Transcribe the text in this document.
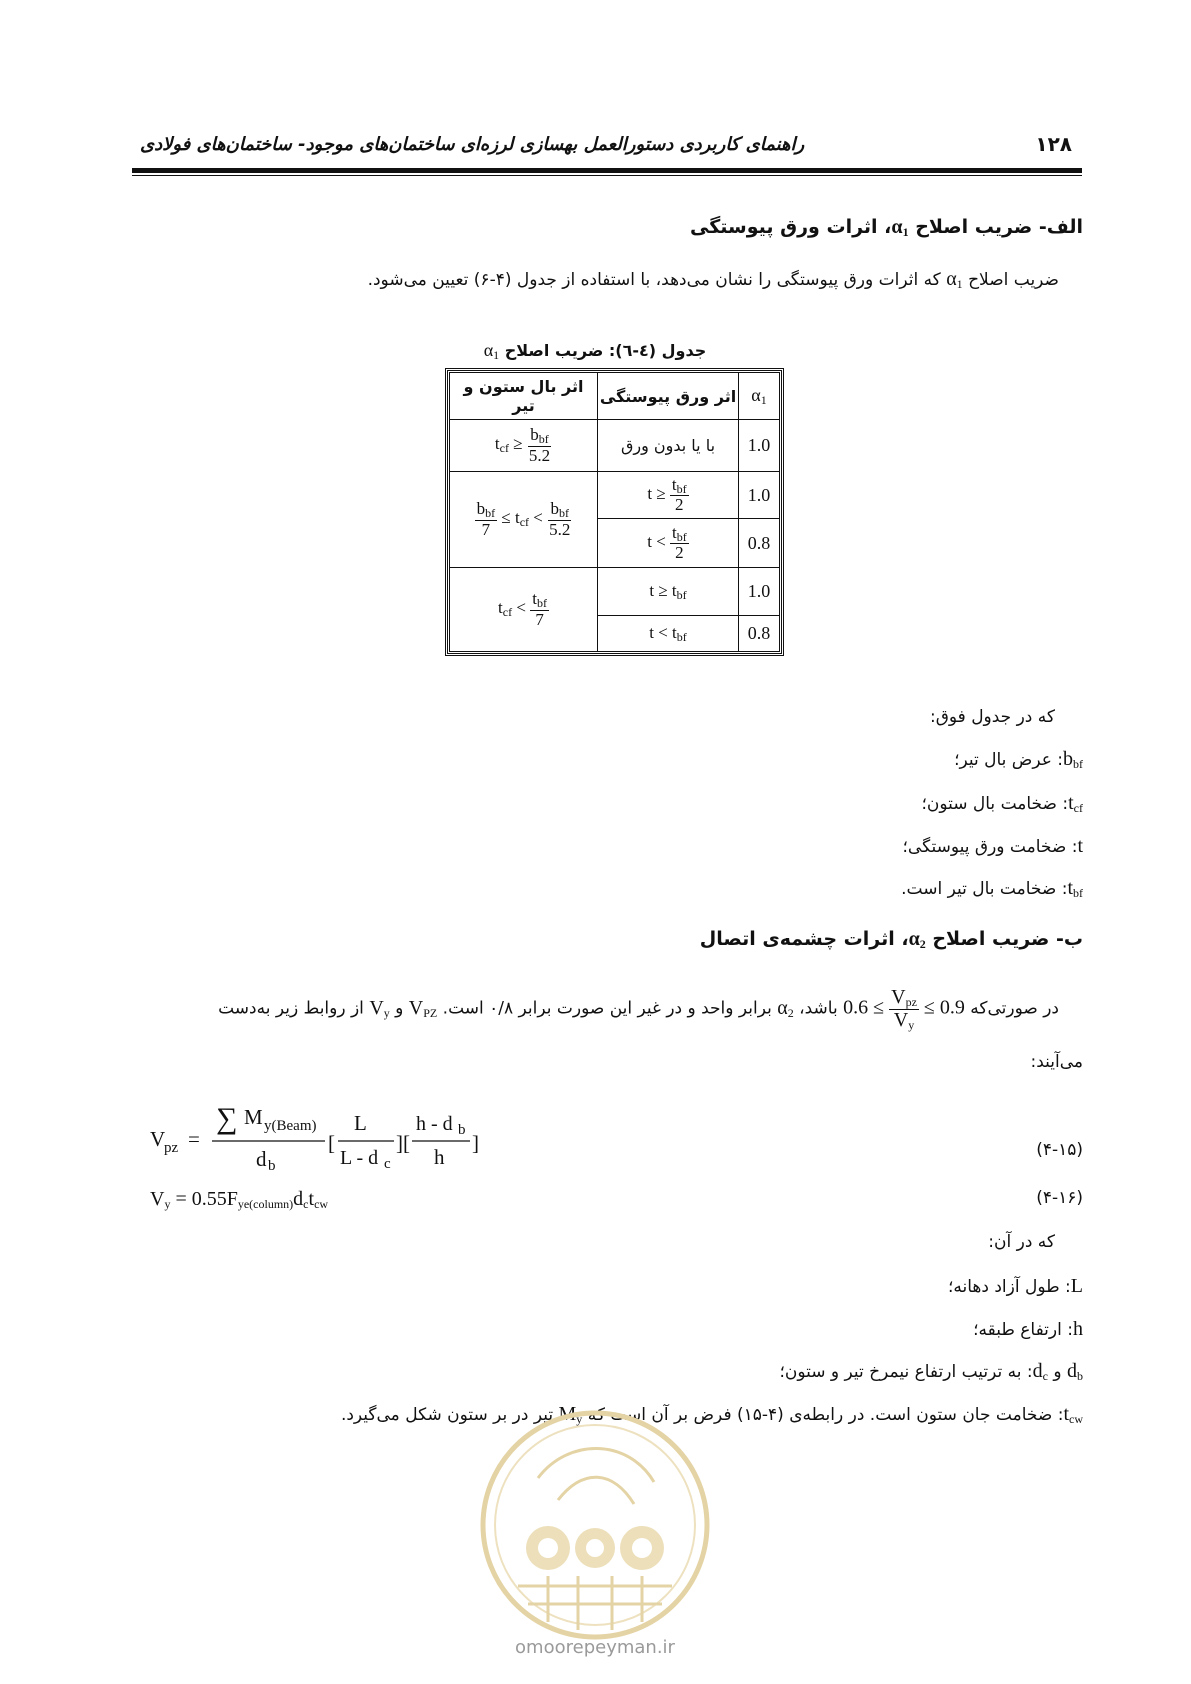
۱۲۸
راهنمای کاربردی دستورالعمل بهسازی لرزه‌ای ساختمان‌های موجود- ساختمان‌های فولادی
الف- ضریب اصلاح $\alpha_1،$ اثرات ورق پیوستگی
ضریب اصلاح $\alpha_1$ که اثرات ورق پیوستگی را نشان می‌دهد، با استفاده از جدول (۴-۶) تعیین می‌شود.
جدول (٤-٦): ضریب اصلاح $\alpha_1$
اثر بال ستون و تیر	اثر ورق پیوستگی	$\alpha_1$
$t_{cf} \ge \frac{b_{bf}}{5.2}$	با یا بدون ورق	1.0

$\frac{b_{bf}}{7} \le t_{cf} < \frac{b_{bf}}{5.2}$	$t \ge \frac{t_{bf}}{2}$	1.0
	$t < \frac{t_{bf}}{2}$	0.8
$t_{cf} < \frac{t_{bf}}{7}$	$t \ge t_{bf}$	1.0
	$t < t_{bf}$	0.8
که در جدول فوق:
$b_{bf}$: عرض بال تیر؛
$t_{cf}$: ضخامت بال ستون؛
t: ضخامت ورق پیوستگی؛
$t_{bf}$: ضخامت بال تیر است.
ب- ضریب اصلاح $\alpha_2،$ اثرات چشمه‌ی اتصال
در صورتی‌که $0.6 \le \frac{V_{pz}}{V_y} \le 0.9$ باشد، $\alpha_2$ برابر واحد و در غیر این صورت برابر ۰/۸ است. $V_{PZ}$ و $V_y$ از روابط زیر به‌دست
می‌آیند:
V
pz =
∑ M y(Beam)
d b
[
L
L - d c
][
h - d b
h
]	(۴-۱۵)
$V_y = 0.55F_{ye(column)}d_ct_{cw}$	(۴-۱۶)
که در آن:
L: طول آزاد دهانه؛
h: ارتفاع طبقه؛
$d_b$ و $d_c$: به ترتیب ارتفاع نیمرخ تیر و ستون؛
$t_{cw}$: ضخامت جان ستون است. در رابطه‌ی (۴-۱۵) فرض بر آن است که $M_y$ تیر در بر ستون شکل می‌گیرد.
omoorepeyman.ir
